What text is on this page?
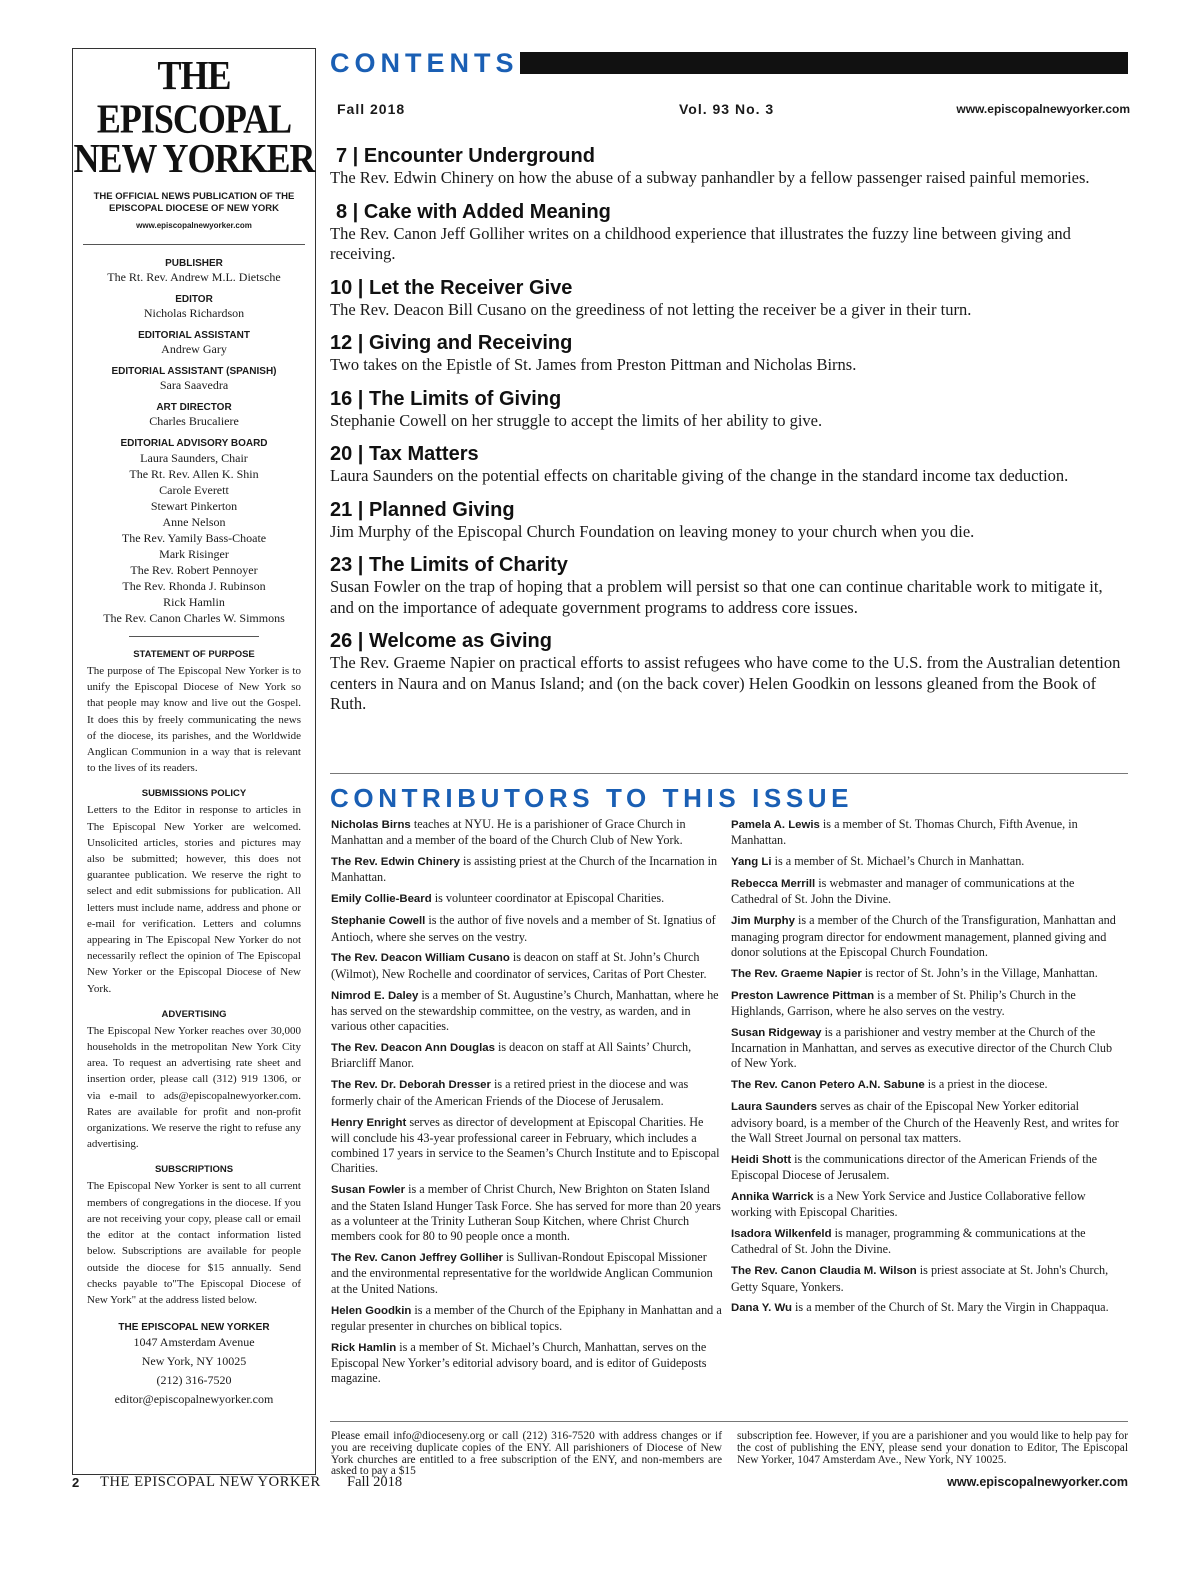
THE EPISCOPAL
NEW YORKER
THE OFFICIAL NEWS PUBLICATION OF THE EPISCOPAL DIOCESE OF NEW YORK
www.episcopalnewyorker.com
PUBLISHER
The Rt. Rev. Andrew M.L. Dietsche
EDITOR
Nicholas Richardson
EDITORIAL ASSISTANT
Andrew Gary
EDITORIAL ASSISTANT (SPANISH)
Sara Saavedra
ART DIRECTOR
Charles Brucaliere
EDITORIAL ADVISORY BOARD
Laura Saunders, Chair
The Rt. Rev. Allen K. Shin
Carole Everett
Stewart Pinkerton
Anne Nelson
The Rev. Yamily Bass-Choate
Mark Risinger
The Rev. Robert Pennoyer
The Rev. Rhonda J. Rubinson
Rick Hamlin
The Rev. Canon Charles W. Simmons
STATEMENT OF PURPOSE
The purpose of The Episcopal New Yorker is to unify the Episcopal Diocese of New York so that people may know and live out the Gospel. It does this by freely communicating the news of the diocese, its parishes, and the Worldwide Anglican Communion in a way that is relevant to the lives of its readers.
SUBMISSIONS POLICY
Letters to the Editor in response to articles in The Episcopal New Yorker are welcomed. Unsolicited articles, stories and pictures may also be submitted; however, this does not guarantee publication. We reserve the right to select and edit submissions for publication. All letters must include name, address and phone or e-mail for verification. Letters and columns appearing in The Episcopal New Yorker do not necessarily reflect the opinion of The Episcopal New Yorker or the Episcopal Diocese of New York.
ADVERTISING
The Episcopal New Yorker reaches over 30,000 households in the metropolitan New York City area. To request an advertising rate sheet and insertion order, please call (312) 919 1306, or via e-mail to ads@episcopalnewyorker.com. Rates are available for profit and non-profit organizations. We reserve the right to refuse any advertising.
SUBSCRIPTIONS
The Episcopal New Yorker is sent to all current members of congregations in the diocese. If you are not receiving your copy, please call or email the editor at the contact information listed below. Subscriptions are available for people outside the diocese for $15 annually. Send checks payable to"The Episcopal Diocese of New York" at the address listed below.
THE EPISCOPAL NEW YORKER
1047 Amsterdam Avenue
New York, NY 10025
(212) 316-7520
editor@episcopalnewyorker.com
CONTENTS
Fall 2018	Vol. 93 No. 3	www.episcopalnewyorker.com
7 | Encounter Underground
The Rev. Edwin Chinery on how the abuse of a subway panhandler by a fellow passenger raised painful memories.
8 | Cake with Added Meaning
The Rev. Canon Jeff Golliher writes on a childhood experience that illustrates the fuzzy line between giving and receiving.
10 | Let the Receiver Give
The Rev. Deacon Bill Cusano on the greediness of not letting the receiver be a giver in their turn.
12 | Giving and Receiving
Two takes on the Epistle of St. James from Preston Pittman and Nicholas Birns.
16 | The Limits of Giving
Stephanie Cowell on her struggle to accept the limits of her ability to give.
20 | Tax Matters
Laura Saunders on the potential effects on charitable giving of the change in the standard income tax deduction.
21 | Planned Giving
Jim Murphy of the Episcopal Church Foundation on leaving money to your church when you die.
23 | The Limits of Charity
Susan Fowler on the trap of hoping that a problem will persist so that one can continue charitable work to mitigate it, and on the importance of adequate government programs to address core issues.
26 | Welcome as Giving
The Rev. Graeme Napier on practical efforts to assist refugees who have come to the U.S. from the Australian detention centers in Naura and on Manus Island; and (on the back cover) Helen Goodkin on lessons gleaned from the Book of Ruth.
CONTRIBUTORS TO THIS ISSUE

Nicholas Birns teaches at NYU. He is a parishioner of Grace Church in Manhattan and a member of the board of the Church Club of New York.

The Rev. Edwin Chinery is assisting priest at the Church of the Incarnation in Manhattan.

Emily Collie-Beard is volunteer coordinator at Episcopal Charities.

Stephanie Cowell is the author of five novels and a member of St. Ignatius of Antioch, where she serves on the vestry.

The Rev. Deacon William Cusano is deacon on staff at St. John’s Church (Wilmot), New Rochelle and coordinator of services, Caritas of Port Chester.

Nimrod E. Daley is a member of St. Augustine’s Church, Manhattan, where he has served on the stewardship committee, on the vestry, as warden, and in various other capacities.

The Rev. Deacon Ann Douglas is deacon on staff at All Saints’ Church, Briarcliff Manor.

The Rev. Dr. Deborah Dresser is a retired priest in the diocese and was formerly chair of the American Friends of the Diocese of Jerusalem.

Henry Enright serves as director of development at Episcopal Charities. He will conclude his 43-year professional career in February, which includes a combined 17 years in service to the Seamen’s Church Institute and to Episcopal Charities.

Susan Fowler is a member of Christ Church, New Brighton on Staten Island and the Staten Island Hunger Task Force. She has served for more than 20 years as a volunteer at the Trinity Lutheran Soup Kitchen, where Christ Church members cook for 80 to 90 people once a month.

The Rev. Canon Jeffrey Golliher is Sullivan-Rondout Episcopal Missioner and the environmental representative for the worldwide Anglican Communion at the United Nations.

Helen Goodkin is a member of the Church of the Epiphany in Manhattan and a regular presenter in churches on biblical topics.

Rick Hamlin is a member of St. Michael’s Church, Manhattan, serves on the Episcopal New Yorker’s editorial advisory board, and is editor of Guideposts magazine.

Pamela A. Lewis is a member of St. Thomas Church, Fifth Avenue, in Manhattan.

Yang Li is a member of St. Michael’s Church in Manhattan.

Rebecca Merrill is webmaster and manager of communications at the Cathedral of St. John the Divine.

Jim Murphy is a member of the Church of the Transfiguration, Manhattan and managing program director for endowment management, planned giving and donor solutions at the Episcopal Church Foundation.

The Rev. Graeme Napier is rector of St. John’s in the Village, Manhattan.

Preston Lawrence Pittman is a member of St. Philip’s Church in the Highlands, Garrison, where he also serves on the vestry.

Susan Ridgeway is a parishioner and vestry member at the Church of the Incarnation in Manhattan, and serves as executive director of the Church Club of New York.

The Rev. Canon Petero A.N. Sabune is a priest in the diocese.

Laura Saunders serves as chair of the Episcopal New Yorker editorial advisory board, is a member of the Church of the Heavenly Rest, and writes for the Wall Street Journal on personal tax matters.

Heidi Shott is the communications director of the American Friends of the Episcopal Diocese of Jerusalem.

Annika Warrick is a New York Service and Justice Collaborative fellow working with Episcopal Charities.

Isadora Wilkenfeld is manager, programming & communications at the Cathedral of St. John the Divine.

The Rev. Canon Claudia M. Wilson is priest associate at St. John's Church, Getty Square, Yonkers.

Dana Y. Wu is a member of the Church of St. Mary the Virgin in Chappaqua.

Please email info@dioceseny.org or call (212) 316-7520 with address changes or if you are receiving duplicate copies of the ENY. All parishioners of Diocese of New York churches are entitled to a free subscription of the ENY, and non-members are asked to pay a $15
subscription fee. However, if you are a parishioner and you would like to help pay for the cost of publishing the ENY, please send your donation to Editor, The Episcopal New Yorker, 1047 Amsterdam Ave., New York, NY 10025.
2 THE EPISCOPAL NEW YORKER Fall 2018	www.episcopalnewyorker.com
